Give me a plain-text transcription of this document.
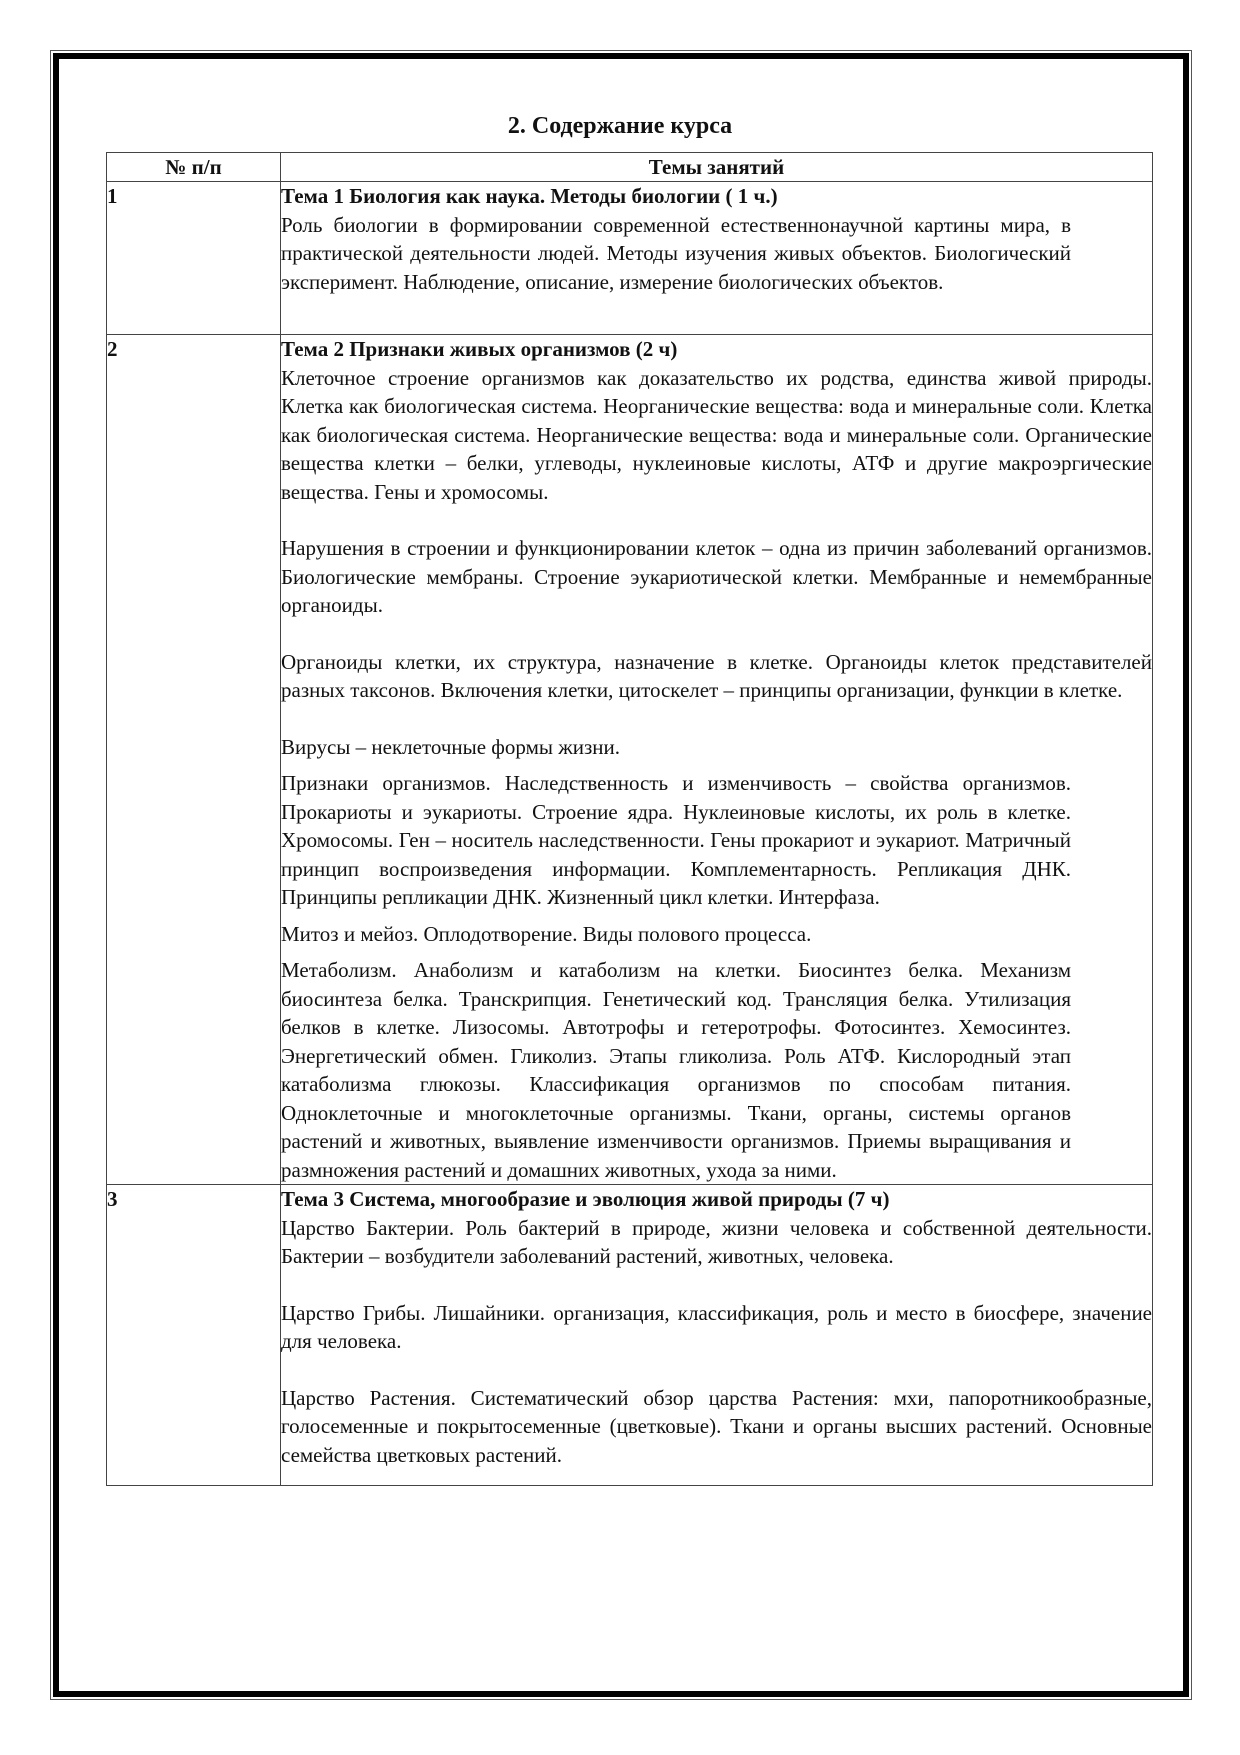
2. Содержание курса
№ п/п	Темы занятий
1	Тема 1 Биология как наука. Методы биологии ( 1 ч.)
Роль биологии в формировании современной естественнонаучной картины мира, в практической деятельности людей. Методы изучения живых объектов. Биологический эксперимент. Наблюдение, описание, измерение биологических объектов.

2	Тема 2 Признаки живых организмов (2 ч)

Клеточное строение организмов как доказательство их родства, единства живой природы. Клетка как биологическая система. Неорганические вещества: вода и минеральные соли. Клетка как биологическая система. Неорганические вещества: вода и минеральные соли. Органические вещества клетки – белки, углеводы, нуклеиновые кислоты, АТФ и другие макроэргические вещества. Гены и хромосомы.

Нарушения в строении и функционировании клеток – одна из причин заболеваний организмов. Биологические мембраны. Строение эукариотической клетки. Мембранные и немембранные органоиды.

Органоиды клетки, их структура, назначение в клетке. Органоиды клеток представителей разных таксонов. Включения клетки, цитоскелет – принципы организации, функции в клетке.

Вирусы – неклеточные формы жизни.

Признаки организмов. Наследственность и изменчивость – свойства организмов. Прокариоты и эукариоты. Строение ядра. Нуклеиновые кислоты, их роль в клетке. Хромосомы. Ген – носитель наследственности. Гены прокариот и эукариот. Матричный принцип воспроизведения информации. Комплементарность. Репликация ДНК. Принципы репликации ДНК. Жизненный цикл клетки. Интерфаза.

Митоз и мейоз. Оплодотворение. Виды полового процесса.

Метаболизм. Анаболизм и катаболизм на клетки. Биосинтез белка. Механизм биосинтеза белка. Транскрипция. Генетический код. Трансляция белка. Утилизация белков в клетке. Лизосомы. Автотрофы и гетеротрофы. Фотосинтез. Хемосинтез. Энергетический обмен. Гликолиз. Этапы гликолиза. Роль АТФ. Кислородный этап катаболизма глюкозы. Классификация организмов по способам питания. Одноклеточные и многоклеточные организмы. Ткани, органы, системы органов растений и животных, выявление изменчивости организмов. Приемы выращивания и размножения растений и домашних животных, ухода за ними.

3	Тема 3 Система, многообразие и эволюция живой природы (7 ч)

Царство Бактерии. Роль бактерий в природе, жизни человека и собственной деятельности. Бактерии – возбудители заболеваний растений, животных, человека.

Царство Грибы. Лишайники. организация, классификация, роль и место в биосфере, значение для человека.

Царство Растения. Систематический обзор царства Растения: мхи, папоротникообразные, голосеменные и покрытосеменные (цветковые). Ткани и органы высших растений. Основные семейства цветковых растений.
